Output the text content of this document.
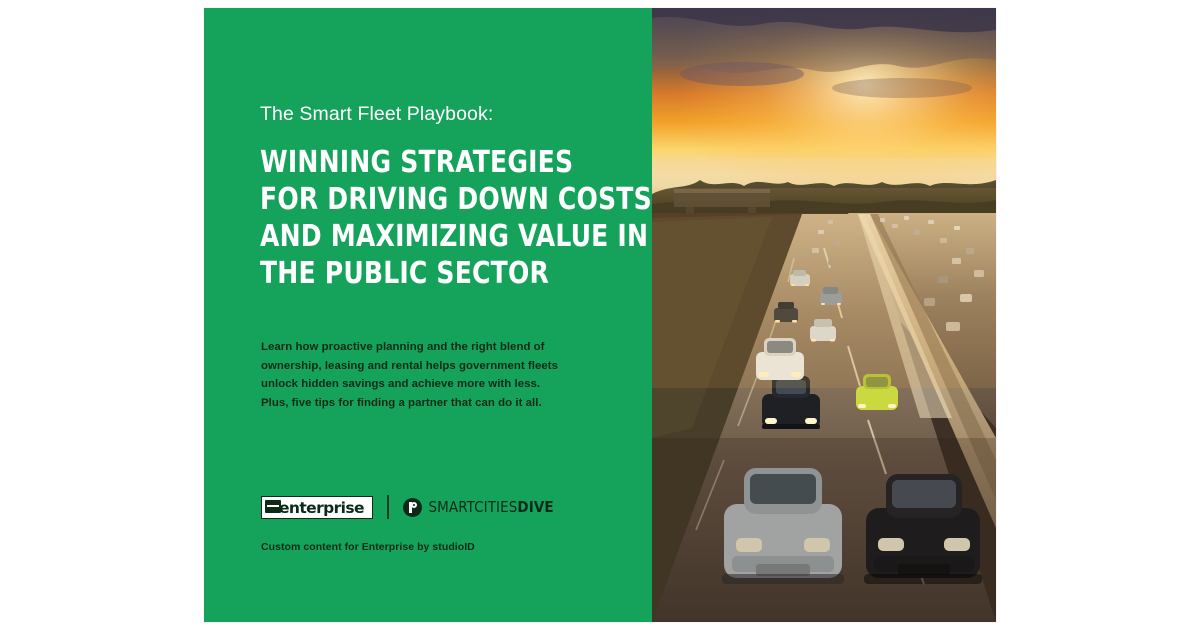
The Smart Fleet Playbook:
WINNING STRATEGIES
FOR DRIVING DOWN COSTS
AND MAXIMIZING VALUE IN
THE PUBLIC SECTOR
Learn how proactive planning and the right blend of
ownership, leasing and rental helps government fleets
unlock hidden savings and achieve more with less.
Plus, five tips for finding a partner that can do it all.
enterprise	SMARTCITIESDIVE
Custom content for Enterprise by studioID
